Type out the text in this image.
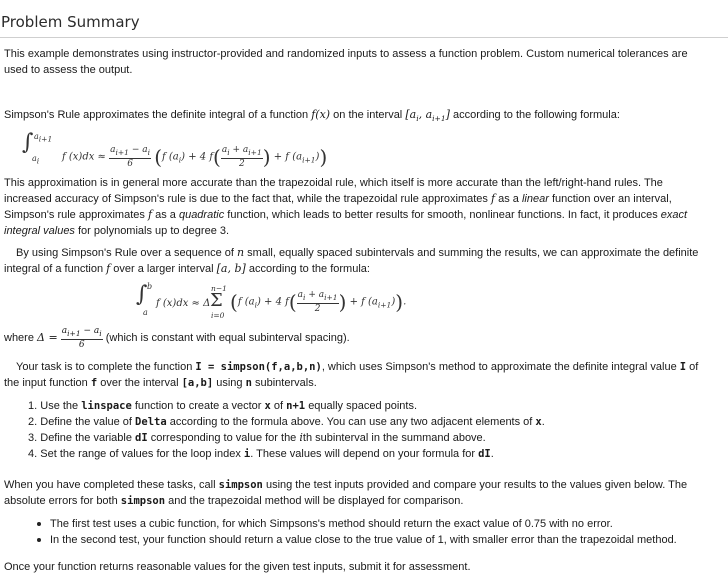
Problem Summary

This example demonstrates using instructor-provided and randomized inputs to assess a function problem. Custom numerical tolerances are used to assess the output.

Simpson's Rule approximates the definite integral of a function f(x) on the interval [$a_i$, $a_{i+1}$] according to the following formula:

∫ $a_{i+1}$
$a_i$ f $(x)dx \approx \frac{a_{i+1} - a_i}{6} (f$ $(a_i) + 4$ $f( \frac{a_i + a_{i+1}}{2}$ ) + f $(a_{i+1})$)
This approximation is in general more accurate than the trapezoidal rule, which itself is more accurate than the left/right-hand rules. The
increased accuracy of Simpson's rule is due to the fact that, while the trapezoidal rule approximates f as a linear function over an interval,
Simpson's rule approximates f as a quadratic function, which leads to better results for smooth, nonlinear functions. In fact, it produces exact
integral values for polynomials up to degree 3.
By using Simpson's Rule over a sequence of n small, equally spaced subintervals and summing the results, we can approximate the definite
integral of a function f over a larger interval [a, b] according to the formula:
∫ b
a
f (x)dx ≈ Δ
n−1
Σ
i=0
(f $(a_i) + 4$ $f( \frac{a_i + a_{i+1}}{2}$ ) + f $(a_{i+1})$).
where $\Delta = \frac{a_{i+1} - a_i}{6}$ (which is constant with equal subinterval spacing).
Your task is to complete the function I = simpson(f,a,b,n), which uses Simpson's method to approximate the definite integral value I of
the input function f over the interval [a,b] using n subintervals.
1. Use the linspace function to create a vector x of n+1 equally spaced points.
2. Define the value of Delta according to the formula above. You can use any two adjacent elements of x.
3. Define the variable dI corresponding to value for the ith subinterval in the summand above.
4. Set the range of values for the loop index i. These values will depend on your formula for dI.
When you have completed these tasks, call simpson using the test inputs provided and compare your results to the values given below. The
absolute errors for both simpson and the trapezoidal method will be displayed for comparison.
The first test uses a cubic function, for which Simpsons's method should return the exact value of 0.75 with no error.
In the second test, your function should return a value close to the true value of 1, with smaller error than the trapezoidal method.

Once your function returns reasonable values for the given test inputs, submit it for assessment.
